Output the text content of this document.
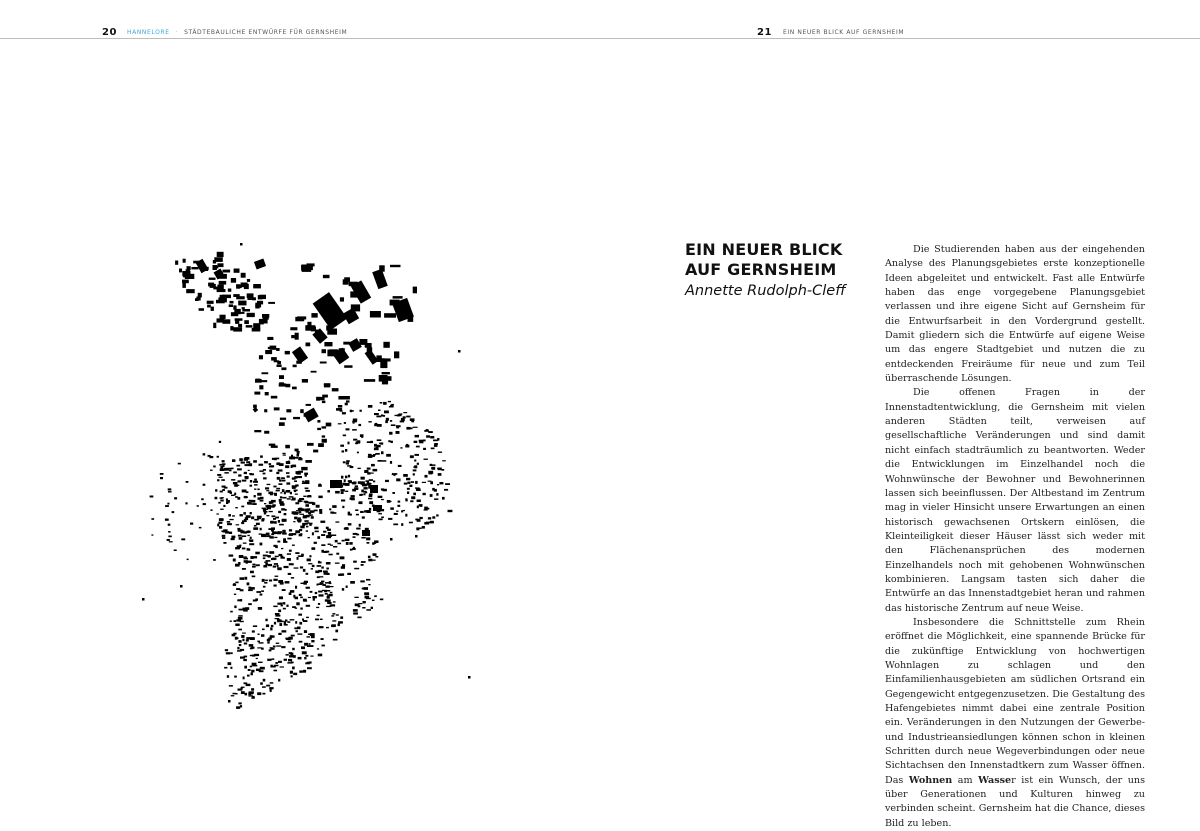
20 HANNELORE · STÄDTEBAULICHE ENTWÜRFE FÜR GERNSHEIM	21 EIN NEUER BLICK AUF GERNSHEIM
EIN NEUER BLICK
AUF GERNSHEIM
Annette Rudolph-Cleff

Die Studierenden haben aus der eingehenden Analyse des Planungsgebietes erste konzeptionelle Ideen abgeleitet und entwickelt. Fast alle Entwürfe haben das enge vorgegebene Planungsgebiet verlassen und ihre eigene Sicht auf Gernsheim für die Entwurfsarbeit in den Vordergrund gestellt. Damit gliedern sich die Entwürfe auf eigene Weise um das engere Stadtgebiet und nutzen die zu entdeckenden Freiräume für neue und zum Teil überraschende Lösungen.

Die offenen Fragen in der Innenstadtentwicklung, die Gernsheim mit vielen anderen Städten teilt, verweisen auf gesellschaftliche Veränderungen und sind damit nicht einfach stadträumlich zu beantworten. Weder die Entwicklungen im Einzelhandel noch die Wohnwünsche der Bewohner und Bewohnerinnen lassen sich beeinflussen. Der Altbestand im Zentrum mag in vieler Hinsicht unsere Erwartungen an einen historisch gewachsenen Ortskern einlösen, die Kleinteiligkeit dieser Häuser lässt sich weder mit den Flächenansprüchen des modernen Einzelhandels noch mit gehobenen Wohnwünschen kombinieren. Langsam tasten sich daher die Entwürfe an das Innenstadtgebiet heran und rahmen das historische Zentrum auf neue Weise.

Insbesondere die Schnittstelle zum Rhein eröffnet die Möglichkeit, eine spannende Brücke für die zukünftige Entwicklung von hochwertigen Wohnlagen zu schlagen und den Einfamilienhausgebieten am südlichen Ortsrand ein Gegengewicht entgegenzusetzen. Die Gestaltung des Hafengebietes nimmt dabei eine zentrale Position ein. Veränderungen in den Nutzungen der Gewerbe- und Industrieansiedlungen können schon in kleinen Schritten durch neue Wegeverbindungen oder neue Sichtachsen den Innenstadtkern zum Wasser öffnen. Das Wohnen am Wasser ist ein Wunsch, der uns über Generationen und Kulturen hinweg zu verbinden scheint. Gernsheim hat die Chance, dieses Bild zu leben.
